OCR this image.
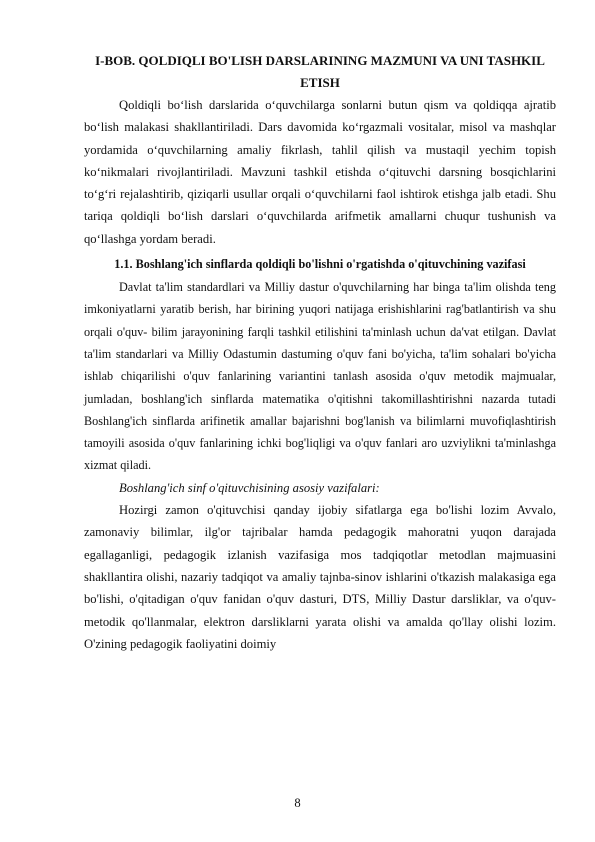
I-BOB. QOLDIQLI BO'LISH DARSLARINING MAZMUNI VA UNI TASHKIL ETISH

Qoldiqli bo‘lish darslarida o‘quvchilarga sonlarni butun qism va qoldiqqa ajratib bo‘lish malakasi shakllantiriladi. Dars davomida ko‘rgazmali vositalar, misol va mashqlar yordamida o‘quvchilarning amaliy fikrlash, tahlil qilish va mustaqil yechim topish ko‘nikmalari rivojlantiriladi. Mavzuni tashkil etishda o‘qituvchi darsning bosqichlarini to‘g‘ri rejalashtirib, qiziqarli usullar orqali o‘quvchilarni faol ishtirok etishga jalb etadi. Shu tariqa qoldiqli bo‘lish darslari o‘quvchilarda arifmetik amallarni chuqur tushunish va qo‘llashga yordam beradi.

1.1. Boshlang'ich sinflarda qoldiqli bo'lishni o'rgatishda o'qituvchining vazifasi

Davlat ta'lim standardlari va Milliy dastur o'quvchilarning har binga ta'lim olishda teng imkoniyatlarni yaratib berish, har birining yuqori natijaga erishishlarini rag'batlantirish va shu orqali o'quv- bilim jarayonining farqli tashkil etilishini ta'minlash uchun da'vat etilgan. Davlat ta'lim standarlari va Milliy Odastumin dastuming o'quv fani bo'yicha, ta'lim sohalari bo'yicha ishlab chiqarilishi o'quv fanlarining variantini tanlash asosida o'quv metodik majmualar, jumladan, boshlang'ich sinflarda matematika o'qitishni takomillashtirishni nazarda tutadi Boshlang'ich sinflarda arifinetik amallar bajarishni bog'lanish va bilimlarni muvofiqlashtirish tamoyili asosida o'quv fanlarining ichki bog'liqligi va o'quv fanlari aro uzviylikni ta'minlashga xizmat qiladi.

Boshlang'ich sinf o'qituvchisining asosiy vazifalari:

Hozirgi zamon o'qituvchisi qanday ijobiy sifatlarga ega bo'lishi lozim Avvalo, zamonaviy bilimlar, ilg'or tajribalar hamda pedagogik mahoratni yuqon darajada egallaganligi, pedagogik izlanish vazifasiga mos tadqiqotlar metodlan majmuasini shakllantira olishi, nazariy tadqiqot va amaliy tajnba-sinov ishlarini o'tkazish malakasiga ega bo'lishi, o'qitadigan o'quv fanidan o'quv dasturi, DTS, Milliy Dastur darsliklar, va o'quv-metodik qo'llanmalar, elektron darsliklarni yarata olishi va amalda qo'llay olishi lozim. O'zining pedagogik faoliyatini doimiy

8
